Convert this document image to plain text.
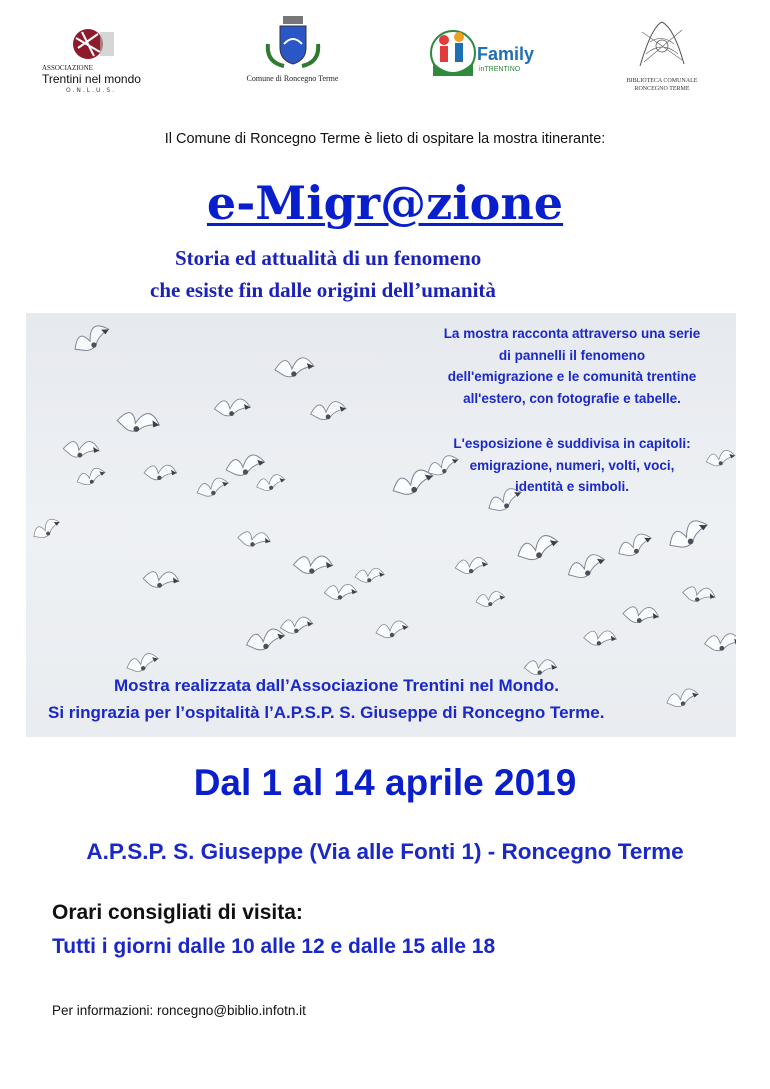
ASSOCIAZIONE
Trentini nel mondo
O.N.L.U.S.
Comune di Roncegno Terme
Family
inTRENTINO
BIBLIOTECA COMUNALE
RONCEGNO TERME
Il Comune di Roncegno Terme è lieto di ospitare la mostra itinerante:
e-Migr@zione
Storia ed attualità di un fenomeno
che esiste fin dalle origini dell’umanità
La mostra racconta attraverso una serie
di pannelli il fenomeno
dell'emigrazione e le comunità trentine
all'estero, con fotografie e tabelle.
L'esposizione è suddivisa in capitoli:
emigrazione, numeri, volti, voci,
identità e simboli.
Mostra realizzata dall’Associazione Trentini nel Mondo.
Si ringrazia per l’ospitalità l’A.P.S.P. S. Giuseppe di Roncegno Terme.
Dal 1 al 14 aprile 2019
A.P.S.P. S. Giuseppe (Via alle Fonti 1) - Roncegno Terme
Orari consigliati di visita:
Tutti i giorni dalle 10 alle 12 e dalle 15 alle 18
Per informazioni: roncegno@biblio.infotn.it
